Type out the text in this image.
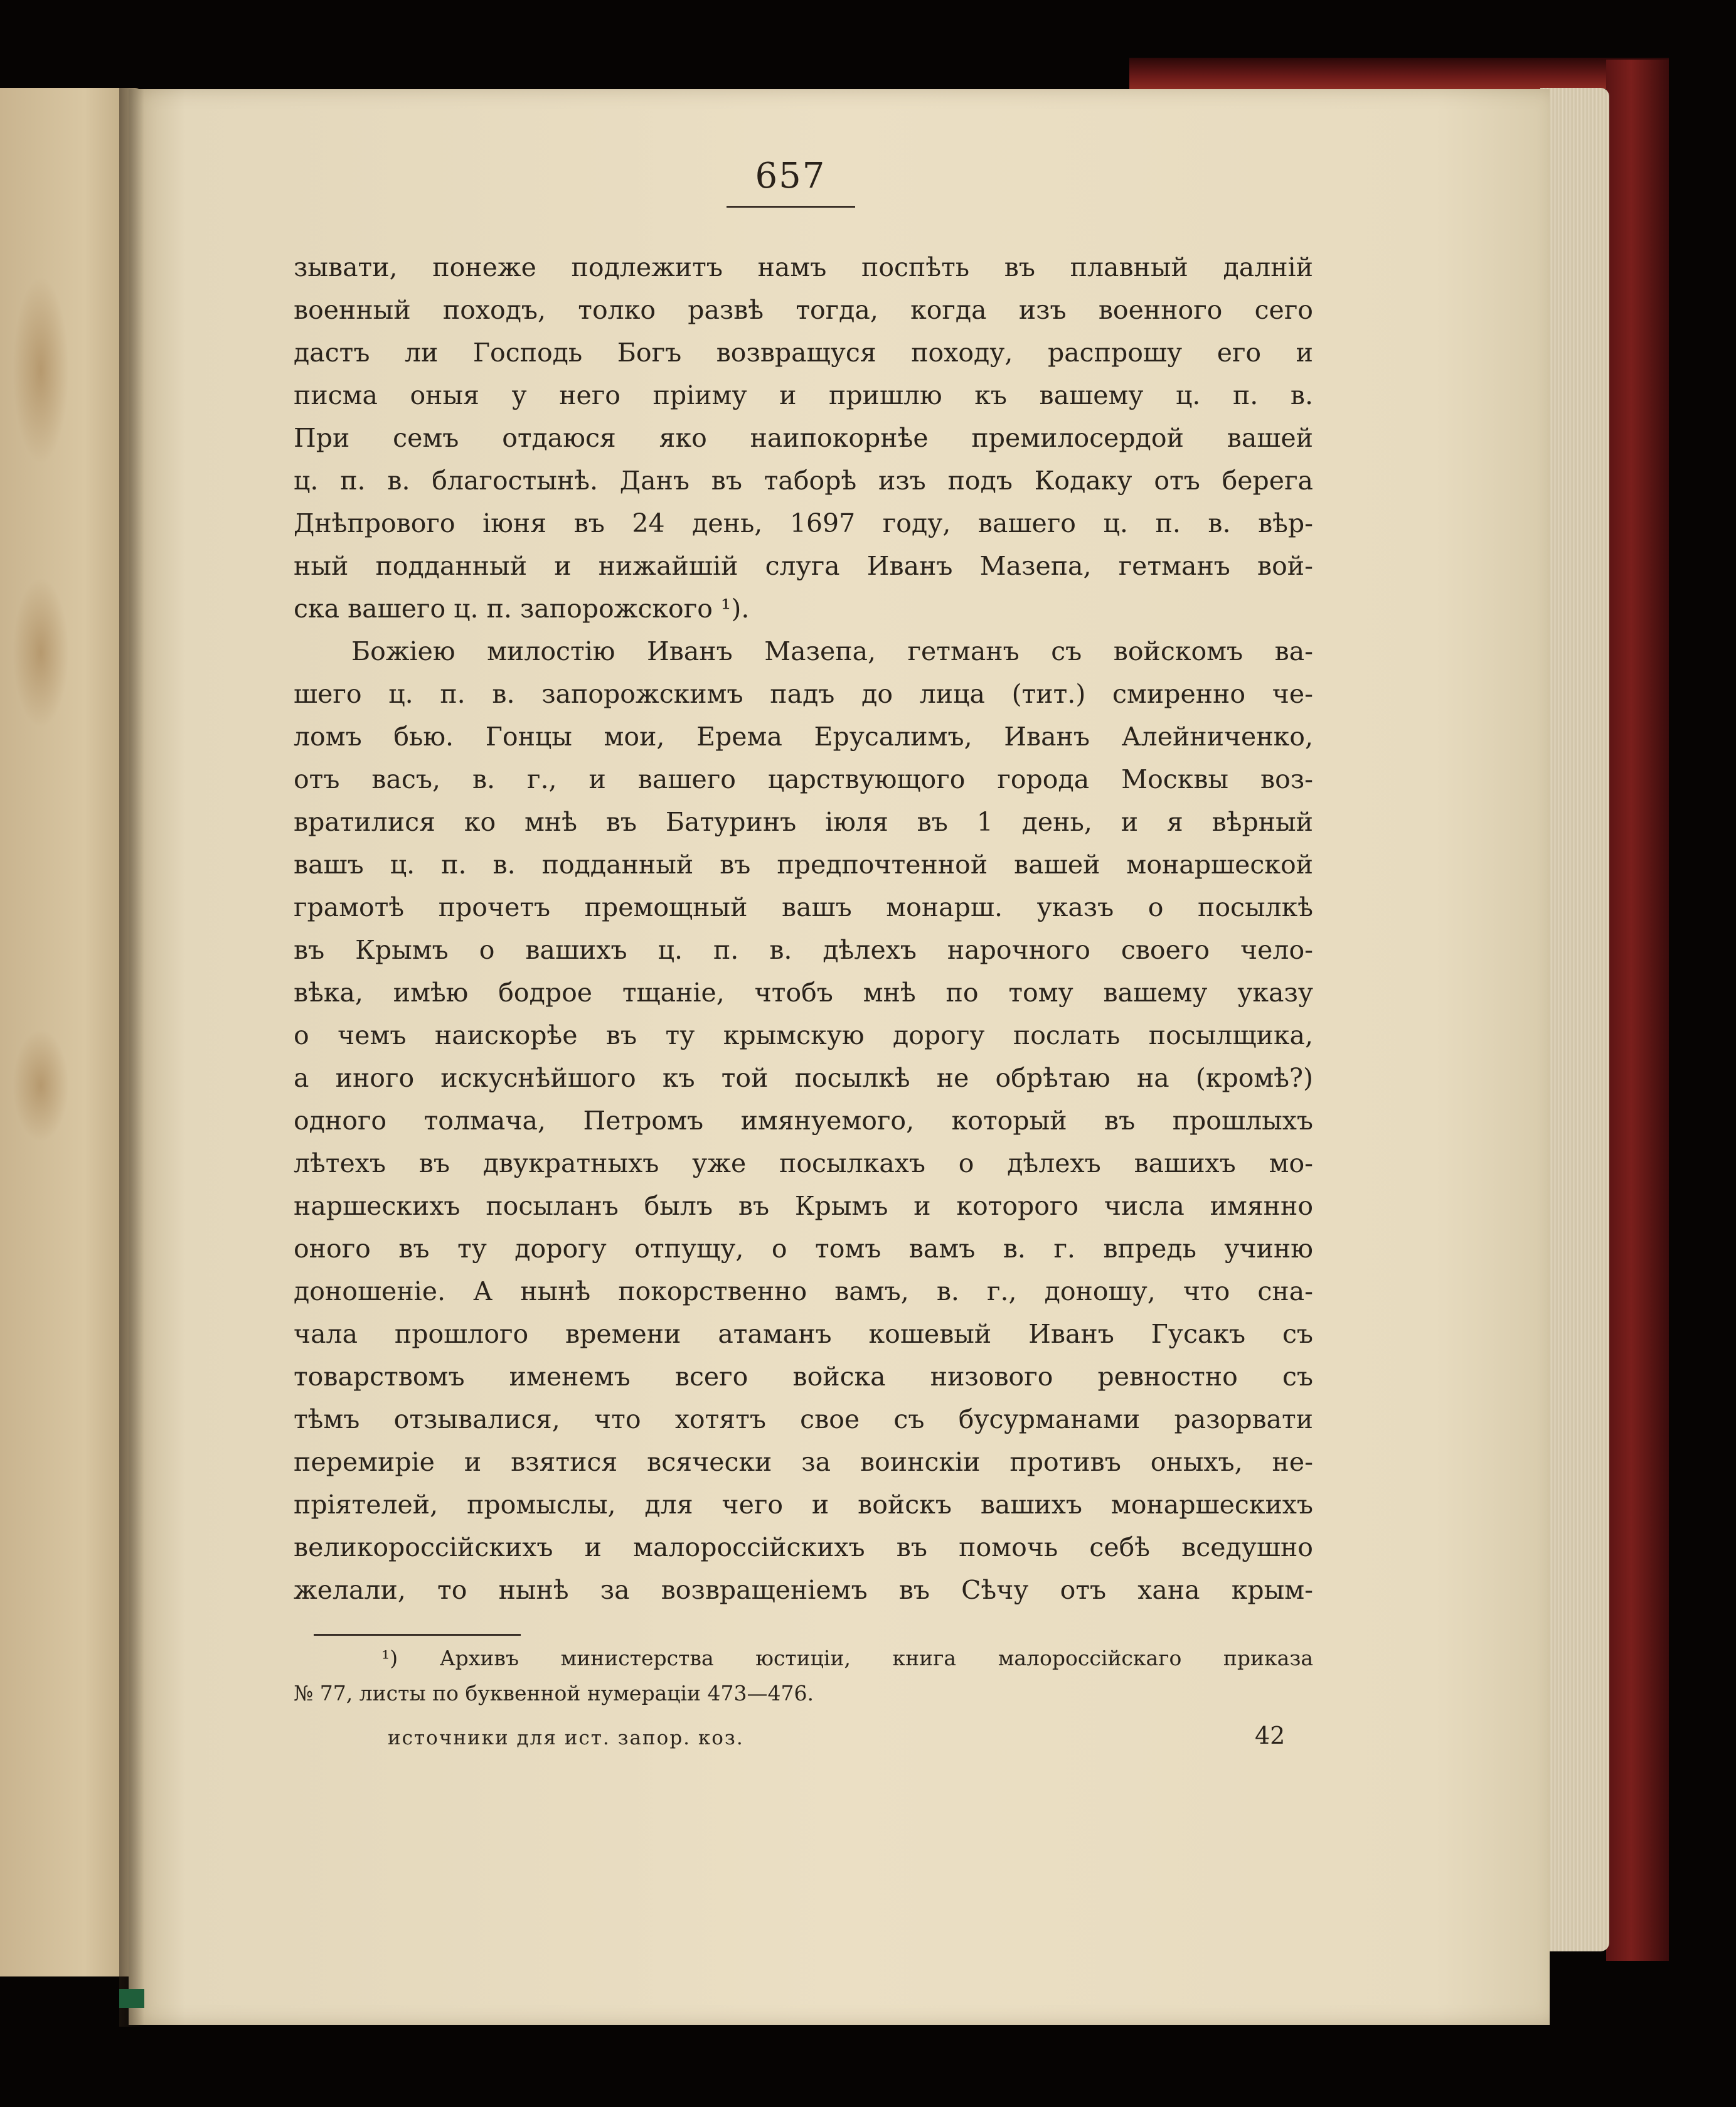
657
зывати, понеже подлежитъ намъ поспѣть въ плавный далній
военный походъ, толко развѣ тогда, когда изъ военного сего
дастъ ли Господь Богъ возвращуся походу, распрошу его и
писма оныя у него пріиму и пришлю къ вашему ц. п. в.
При семъ отдаюся яко наипокорнѣе премилосердой вашей
ц. п. в. благостынѣ. Данъ въ таборѣ изъ подъ Кодаку отъ берега
Днѣпрового іюня въ 24 день, 1697 году, вашего ц. п. в. вѣр-
ный подданный и нижайшій слуга Иванъ Мазепа, гетманъ вой-
ска вашего ц. п. запорожского ¹).
Божіею милостію Иванъ Мазепа, гетманъ съ войскомъ ва-
шего ц. п. в. запорожскимъ падъ до лица (тит.) смиренно че-
ломъ бью. Гонцы мои, Ерема Ерусалимъ, Иванъ Алейниченко,
отъ васъ, в. г., и вашего царствующого города Москвы воз-
вратилися ко мнѣ въ Батуринъ іюля въ 1 день, и я вѣрный
вашъ ц. п. в. подданный въ предпочтенной вашей монаршеской
грамотѣ прочетъ премощный вашъ монарш. указъ о посылкѣ
въ Крымъ о вашихъ ц. п. в. дѣлехъ нарочного своего чело-
вѣка, имѣю бодрое тщаніе, чтобъ мнѣ по тому вашему указу
о чемъ наискорѣе въ ту крымскую дорогу послать посылщика,
а иного искуснѣйшого къ той посылкѣ не обрѣтаю на (кромѣ?)
одного толмача, Петромъ имянуемого, который въ прошлыхъ
лѣтехъ въ двукратныхъ уже посылкахъ о дѣлехъ вашихъ мо-
наршескихъ посыланъ былъ въ Крымъ и которого числа имянно
оного въ ту дорогу отпущу, о томъ вамъ в. г. впредь учиню
доношеніе. А нынѣ покорственно вамъ, в. г., доношу, что сна-
чала прошлого времени атаманъ кошевый Иванъ Гусакъ съ
товарствомъ именемъ всего войска низового ревностно съ
тѣмъ отзывалися, что хотятъ свое съ бусурманами разорвати
перемиріе и взятися всячески за воинскіи противъ оныхъ, не-
пріятелей, промыслы, для чего и войскъ вашихъ монаршескихъ
великороссійскихъ и малороссійскихъ въ помочь себѣ вседушно
желали, то нынѣ за возвращеніемъ въ Сѣчу отъ хана крым-
¹) Архивъ министерства юстиціи, книга малороссійскаго приказа
№ 77, листы по буквенной нумераціи 473—476.
источники для ист. запор. коз.	42
